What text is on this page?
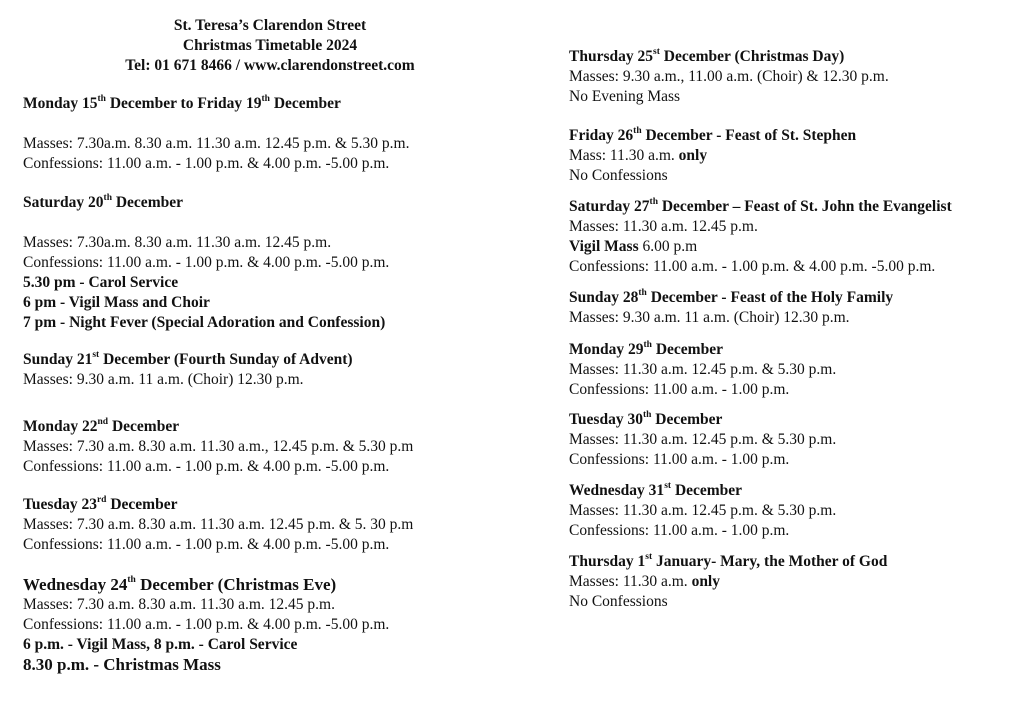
St. Teresa’s Clarendon Street
Christmas Timetable 2024
Tel: 01 671 8466 / www.clarendonstreet.com
Monday 15th December to Friday 19th December
Masses: 7.30a.m. 8.30 a.m. 11.30 a.m. 12.45 p.m. & 5.30 p.m.
Confessions: 11.00 a.m. - 1.00 p.m. & 4.00 p.m. -5.00 p.m.
Saturday 20th December
Masses: 7.30a.m. 8.30 a.m. 11.30 a.m. 12.45 p.m.
Confessions: 11.00 a.m. - 1.00 p.m. & 4.00 p.m. -5.00 p.m.
5.30 pm - Carol Service
6 pm - Vigil Mass and Choir
7 pm - Night Fever (Special Adoration and Confession)
Sunday 21st December (Fourth Sunday of Advent)
Masses: 9.30 a.m. 11 a.m. (Choir) 12.30 p.m.
Monday 22nd December
Masses: 7.30 a.m. 8.30 a.m. 11.30 a.m., 12.45 p.m. & 5.30 p.m
Confessions: 11.00 a.m. - 1.00 p.m. & 4.00 p.m. -5.00 p.m.
Tuesday 23rd December
Masses: 7.30 a.m. 8.30 a.m. 11.30 a.m. 12.45 p.m. & 5. 30 p.m
Confessions: 11.00 a.m. - 1.00 p.m. & 4.00 p.m. -5.00 p.m.
Wednesday 24th December (Christmas Eve)
Masses: 7.30 a.m. 8.30 a.m. 11.30 a.m. 12.45 p.m.
Confessions: 11.00 a.m. - 1.00 p.m. & 4.00 p.m. -5.00 p.m.
6 p.m. - Vigil Mass, 8 p.m. - Carol Service
8.30 p.m. - Christmas Mass
Thursday 25st December (Christmas Day)
Masses: 9.30 a.m., 11.00 a.m. (Choir) & 12.30 p.m.
No Evening Mass
Friday 26th December - Feast of St. Stephen
Mass: 11.30 a.m. only
No Confessions
Saturday 27th December – Feast of St. John the Evangelist
Masses: 11.30 a.m. 12.45 p.m.
Vigil Mass 6.00 p.m
Confessions: 11.00 a.m. - 1.00 p.m. & 4.00 p.m. -5.00 p.m.
Sunday 28th December - Feast of the Holy Family
Masses: 9.30 a.m. 11 a.m. (Choir) 12.30 p.m.
Monday 29th December
Masses: 11.30 a.m. 12.45 p.m. & 5.30 p.m.
Confessions: 11.00 a.m. - 1.00 p.m.
Tuesday 30th December
Masses: 11.30 a.m. 12.45 p.m. & 5.30 p.m.
Confessions: 11.00 a.m. - 1.00 p.m.
Wednesday 31st December
Masses: 11.30 a.m. 12.45 p.m. & 5.30 p.m.
Confessions: 11.00 a.m. - 1.00 p.m.
Thursday 1st January- Mary, the Mother of God
Masses: 11.30 a.m. only
No Confessions
